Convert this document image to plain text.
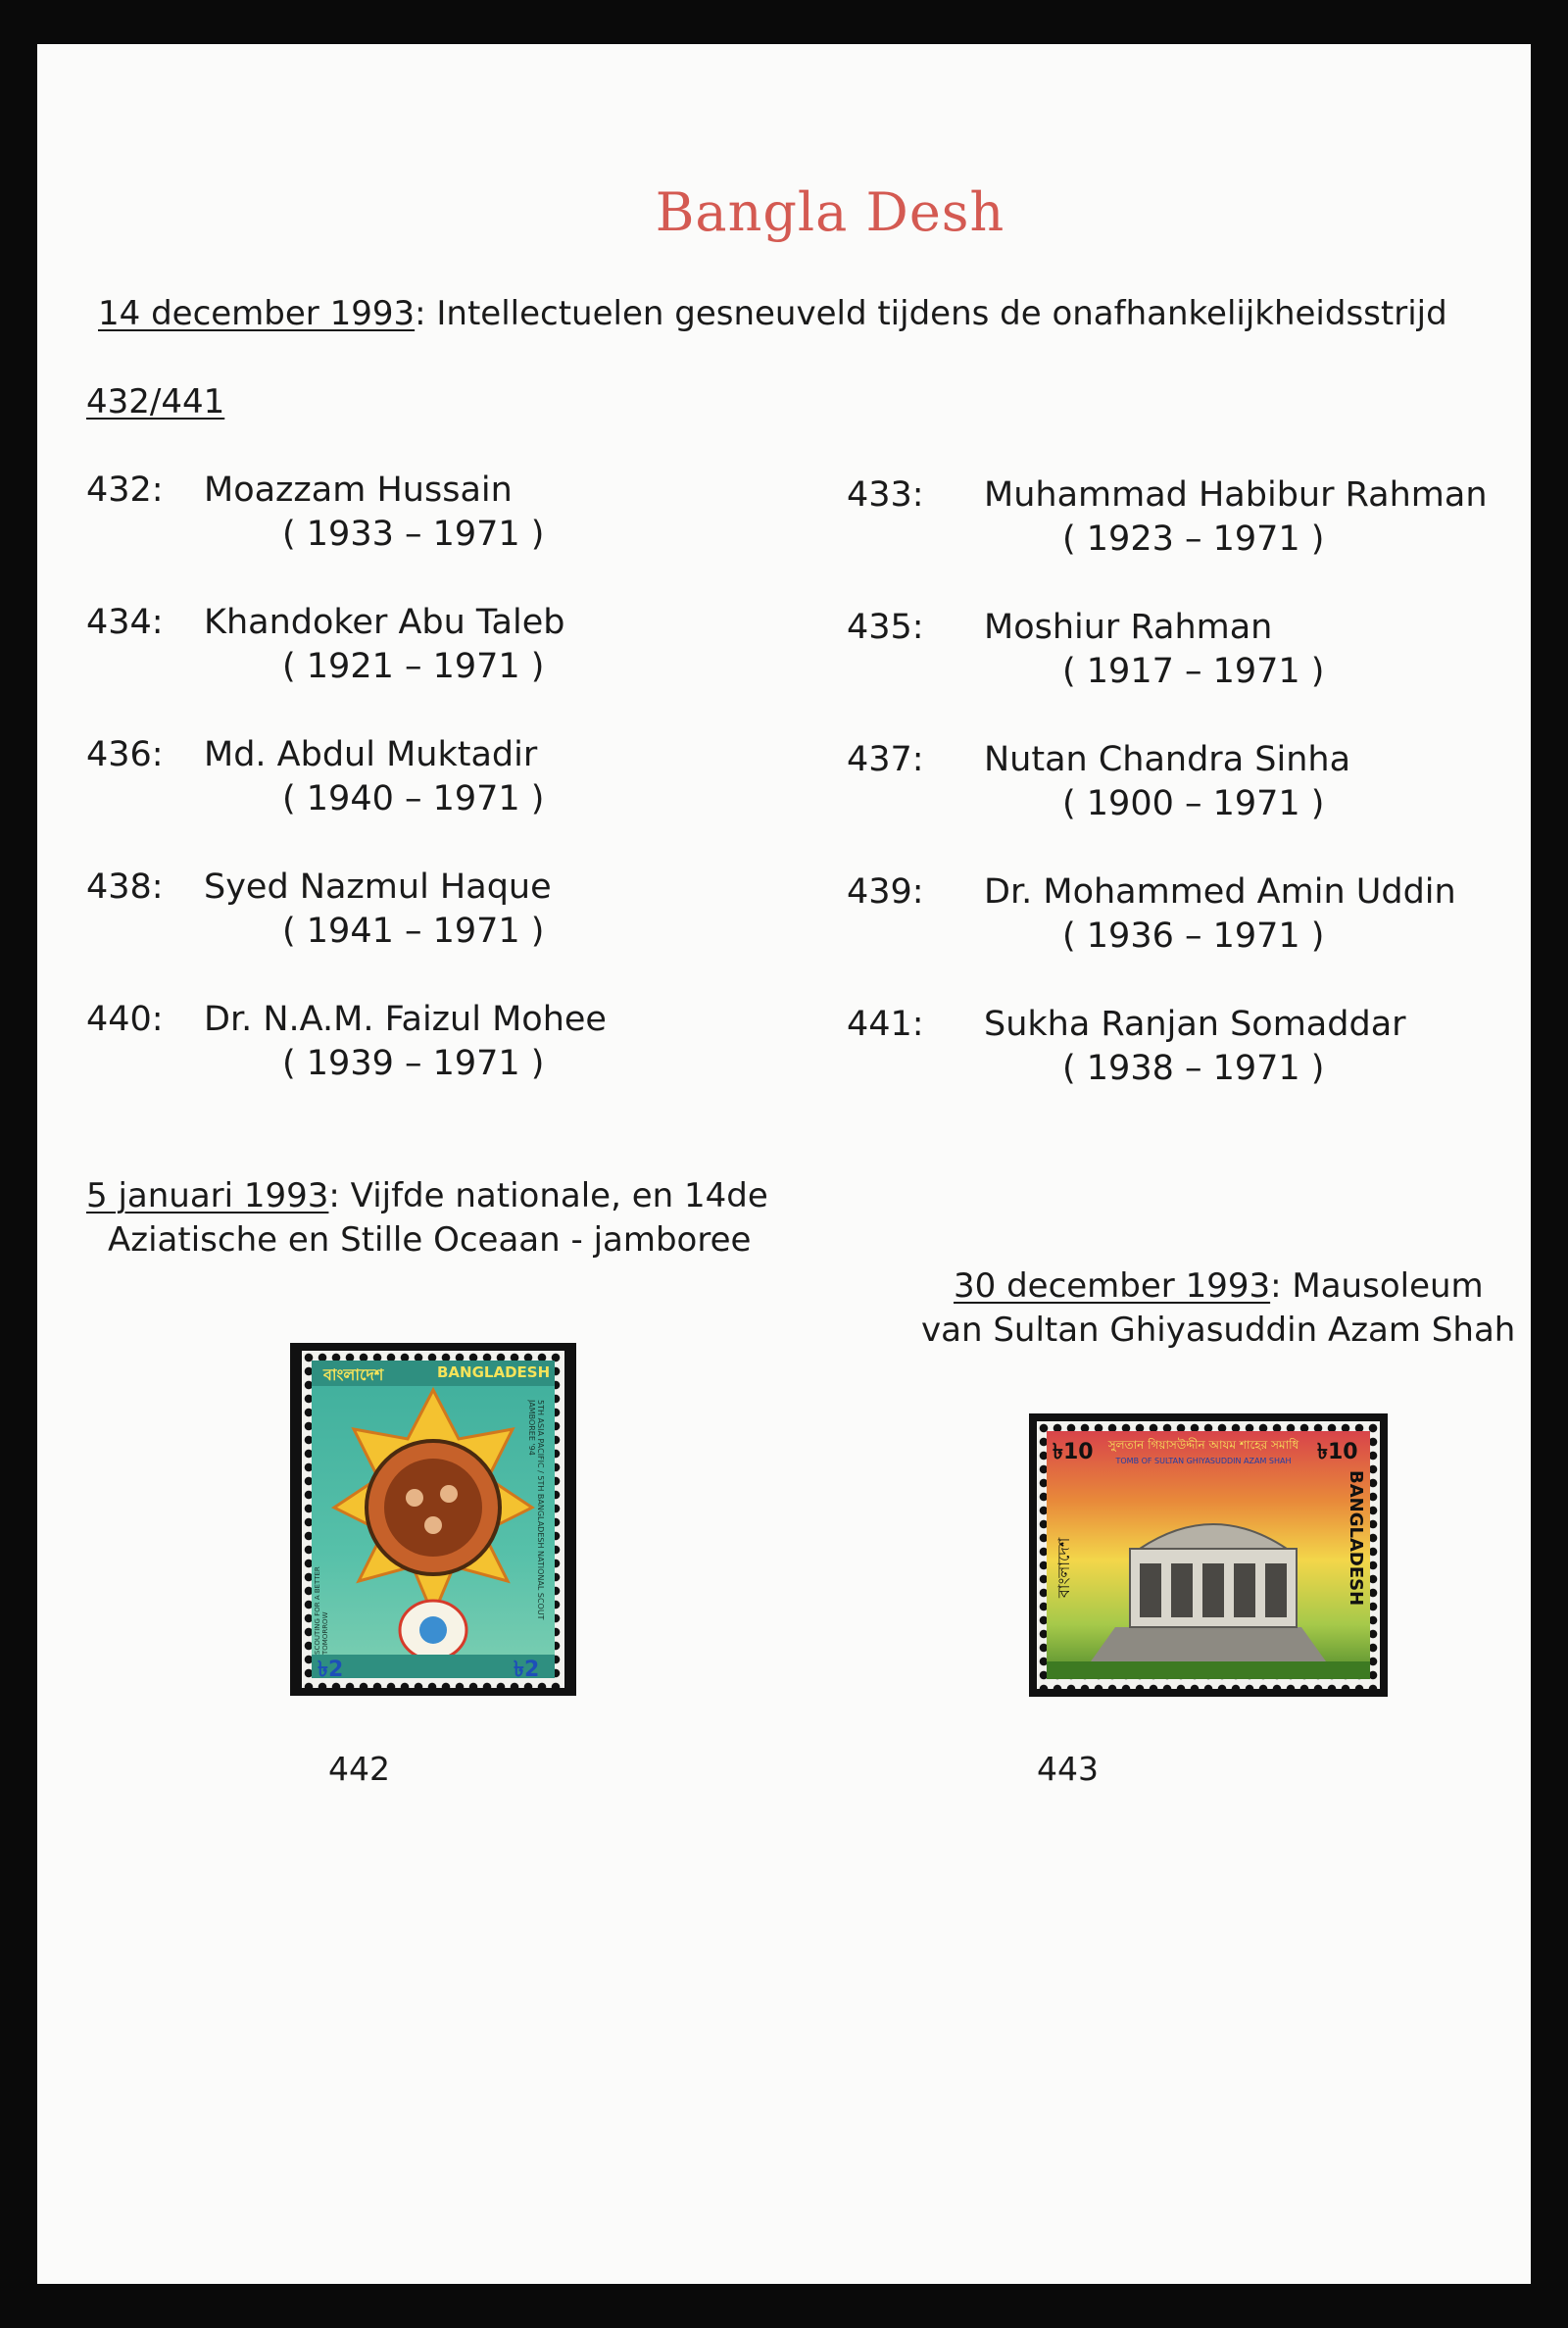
Bangla Desh
14 december 1993: Intellectuelen gesneuveld tijdens de onafhankelijkheidsstrijd
432/441
432: Moazzam Hussain
( 1933 – 1971 )
434: Khandoker Abu Taleb
( 1921 – 1971 )
436: Md. Abdul Muktadir
( 1940 – 1971 )
438: Syed Nazmul Haque
( 1941 – 1971 )
440: Dr. N.A.M. Faizul Mohee
( 1939 – 1971 )
433: Muhammad Habibur Rahman
( 1923 – 1971 )
435: Moshiur Rahman
( 1917 – 1971 )
437: Nutan Chandra Sinha
( 1900 – 1971 )
439: Dr. Mohammed Amin Uddin
( 1936 – 1971 )
441: Sukha Ranjan Somaddar
( 1938 – 1971 )
5 januari 1993: Vijfde nationale, en 14de
Aziatische en Stille Oceaan - jamboree
30 december 1993: Mausoleum
van Sultan Ghiyasuddin Azam Shah
বাংলাদেশ	BANGLADESH
৳2	৳2
5TH ASIA PACIFIC / 5TH BANGLADESH NATIONAL SCOUT JAMBOREE '94
SCOUTING FOR A BETTER TOMORROW
442
৳10	৳10
সুলতান গিয়াসউদ্দীন আযম শাহের সমাধি
TOMB OF SULTAN GHIYASUDDIN AZAM SHAH
BANGLADESH
বাংলাদেশ
443
